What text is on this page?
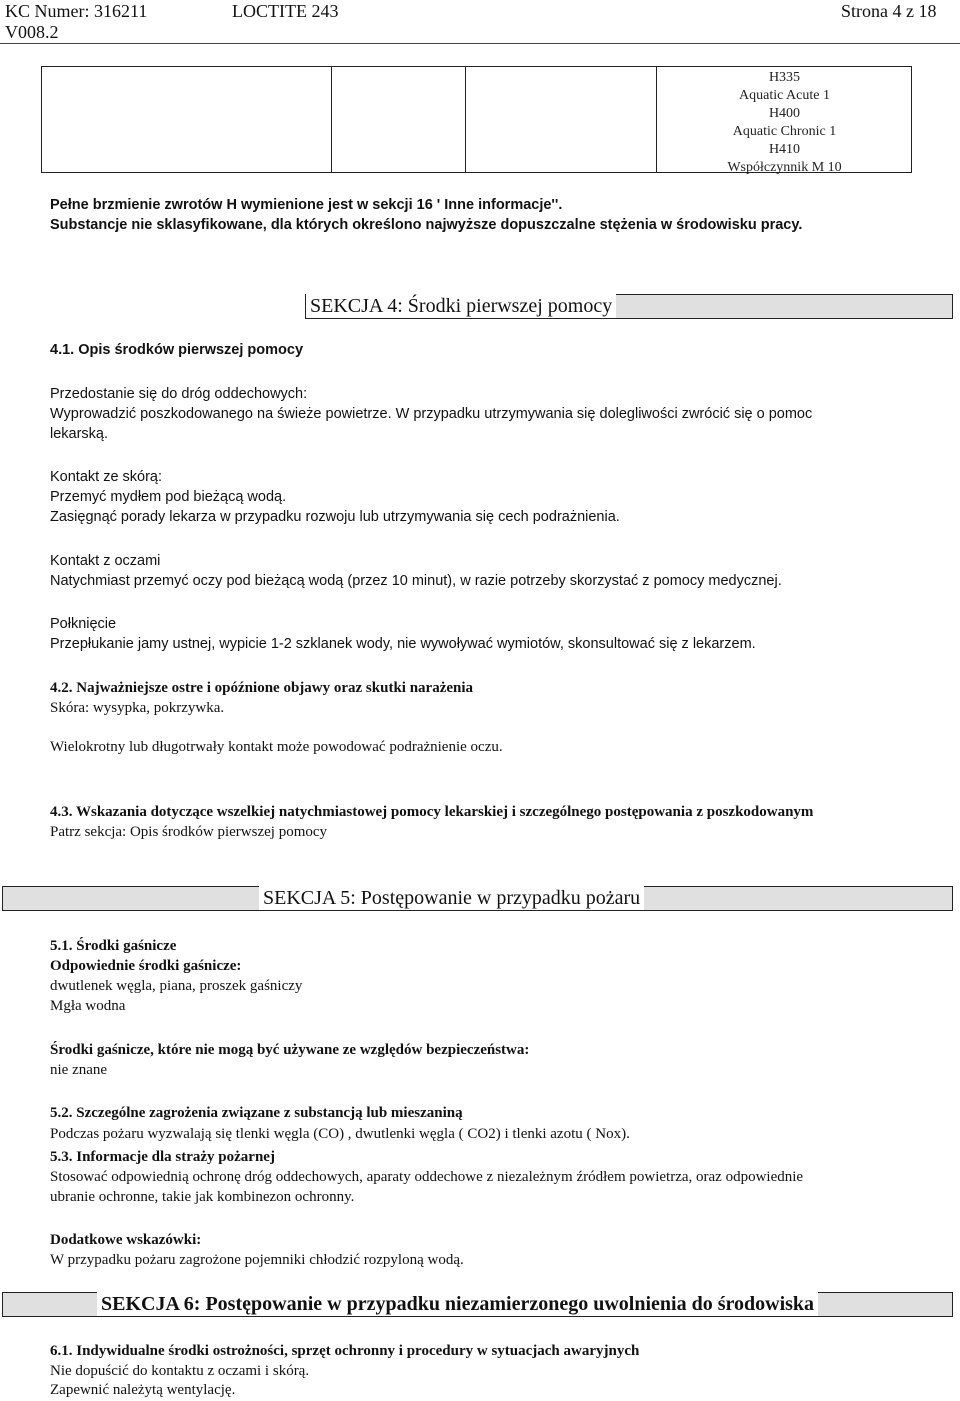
KC Numer: 316211	LOCTITE 243	Strona 4 z 18
V008.2
H335
Aquatic Acute 1
H400
Aquatic Chronic 1
H410
Współczynnik M 10
Pełne brzmienie zwrotów H wymienione jest w sekcji 16 ' Inne informacje''.
Substancje nie sklasyfikowane, dla których określono najwyższe dopuszczalne stężenia w środowisku pracy.
SEKCJA 4: Środki pierwszej pomocy
4.1. Opis środków pierwszej pomocy
Przedostanie się do dróg oddechowych:
Wyprowadzić poszkodowanego na świeże powietrze. W przypadku utrzymywania się dolegliwości zwrócić się o pomoc
lekarską.
Kontakt ze skórą:
Przemyć mydłem pod bieżącą wodą.
Zasięgnąć porady lekarza w przypadku rozwoju lub utrzymywania się cech podrażnienia.
Kontakt z oczami
Natychmiast przemyć oczy pod bieżącą wodą (przez 10 minut), w razie potrzeby skorzystać z pomocy medycznej.
Połknięcie
Przepłukanie jamy ustnej, wypicie 1-2 szklanek wody, nie wywoływać wymiotów, skonsultować się z lekarzem.
4.2. Najważniejsze ostre i opóźnione objawy oraz skutki narażenia
Skóra: wysypka, pokrzywka.
Wielokrotny lub długotrwały kontakt może powodować podrażnienie oczu.
4.3. Wskazania dotyczące wszelkiej natychmiastowej pomocy lekarskiej i szczególnego postępowania z poszkodowanym
Patrz sekcja: Opis środków pierwszej pomocy
SEKCJA 5: Postępowanie w przypadku pożaru
5.1. Środki gaśnicze
Odpowiednie środki gaśnicze:
dwutlenek węgla, piana, proszek gaśniczy
Mgła wodna
Środki gaśnicze, które nie mogą być używane ze względów bezpieczeństwa:
nie znane
5.2. Szczególne zagrożenia związane z substancją lub mieszaniną
Podczas pożaru wyzwalają się tlenki węgla (CO) , dwutlenki węgla ( CO2) i tlenki azotu ( Nox).
5.3. Informacje dla straży pożarnej
Stosować odpowiednią ochronę dróg oddechowych, aparaty oddechowe z niezależnym źródłem powietrza, oraz odpowiednie
ubranie ochronne, takie jak kombinezon ochronny.
Dodatkowe wskazówki:
W przypadku pożaru zagrożone pojemniki chłodzić rozpyloną wodą.
SEKCJA 6: Postępowanie w przypadku niezamierzonego uwolnienia do środowiska
6.1. Indywidualne środki ostrożności, sprzęt ochronny i procedury w sytuacjach awaryjnych
Nie dopuścić do kontaktu z oczami i skórą.
Zapewnić należytą wentylację.
